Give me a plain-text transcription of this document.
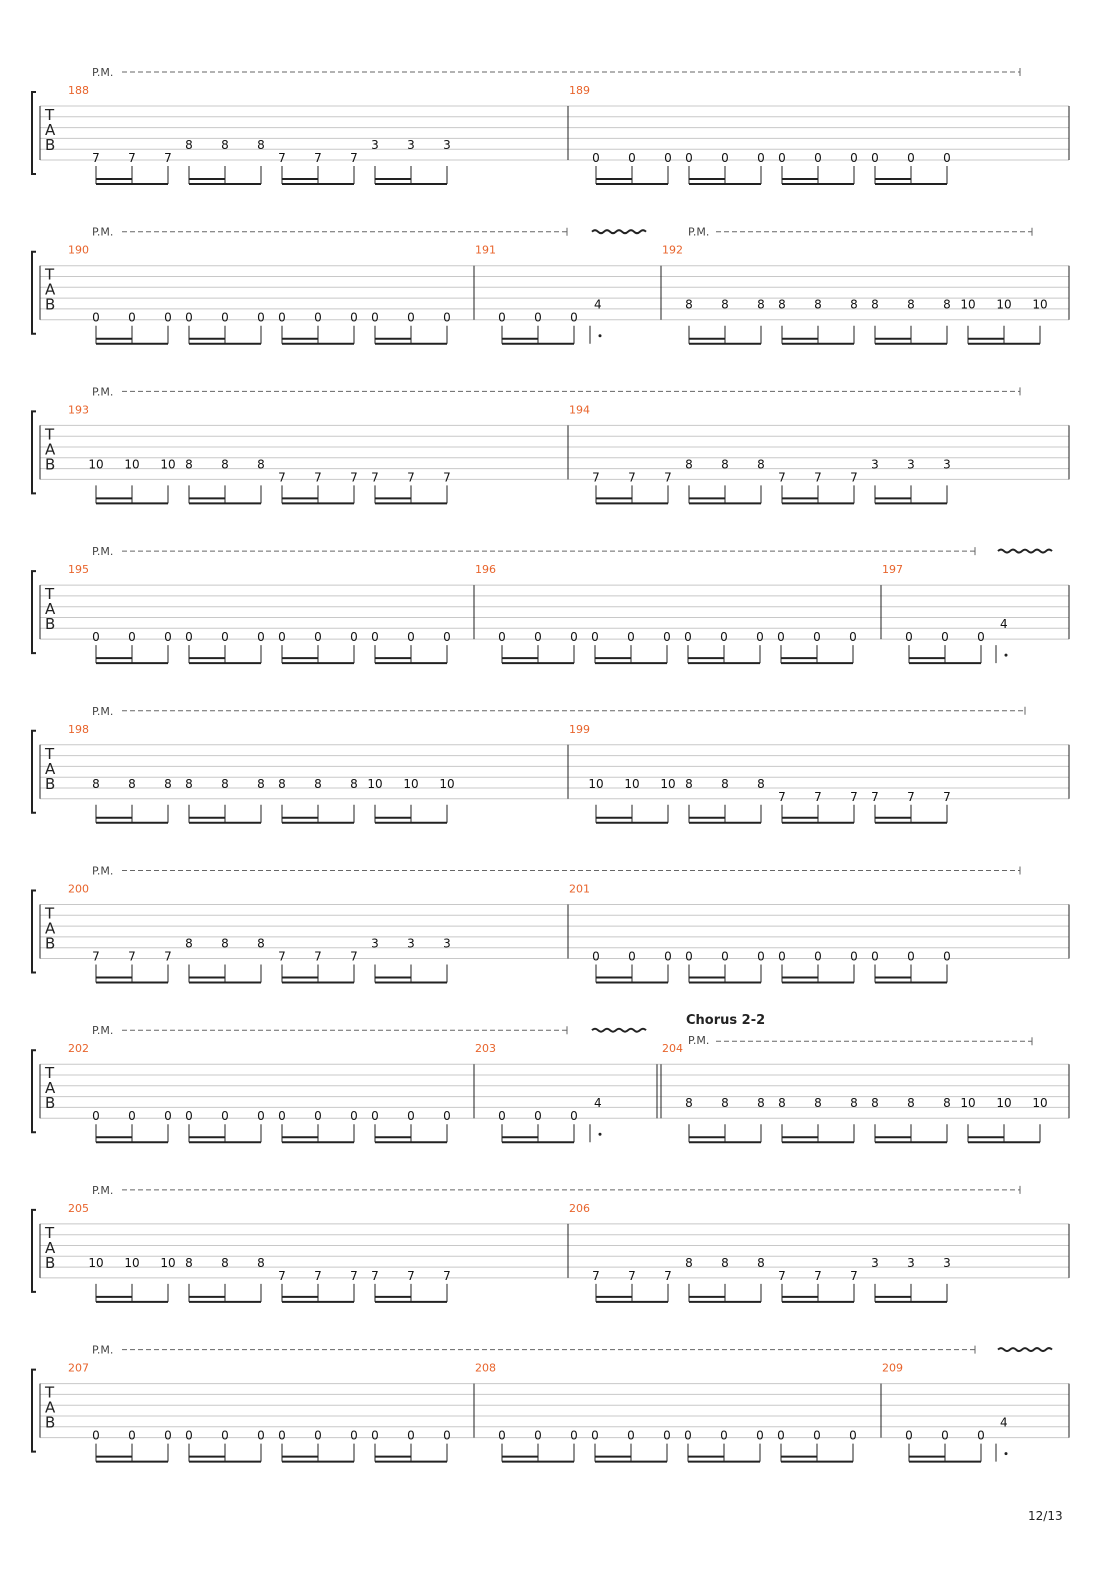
T
A
B
P.M.
188
7 7 7
8 8 8
7 7 7
3 3 3
189
0 0 0 0 0 0 0 0 0 0 0 0
T
A
B
P.M.	P.M.
190
0 0 0 0 0 0 0 0 0 0 0 0
191
0 0 0
4
192
8 8 8 8 8 8 8 8 8 10 10 10
T
A
B
P.M.
193
10 10 10 8 8 8
7 7 7 7 7 7
194
7 7 7
8 8 8
7 7 7
3 3 3
T
A
B
P.M.
195
0 0 0 0 0 0 0 0 0 0 0 0
196
0 0 0 0 0 0 0 0 0 0 0 0
197
0 0 0
4
T
A
B
P.M.
198
8 8 8 8 8 8 8 8 8 10 10 10
199
10 10 10 8 8 8
7 7 7 7 7 7
T
A
B
P.M.
200
7 7 7
8 8 8
7 7 7
3 3 3
201
0 0 0 0 0 0 0 0 0 0 0 0
T
A
B
P.M.
Chorus 2-2
P.M.
202
0 0 0 0 0 0 0 0 0 0 0 0
203
0 0 0
4
204
8 8 8 8 8 8 8 8 8 10 10 10
T
A
B
P.M.
205
10 10 10 8 8 8
7 7 7 7 7 7
206
7 7 7
8 8 8
7 7 7
3 3 3
T
A
B
P.M.
207
0 0 0 0 0 0 0 0 0 0 0 0
208
0 0 0 0 0 0 0 0 0 0 0 0
209
0 0 0
4
12/13
